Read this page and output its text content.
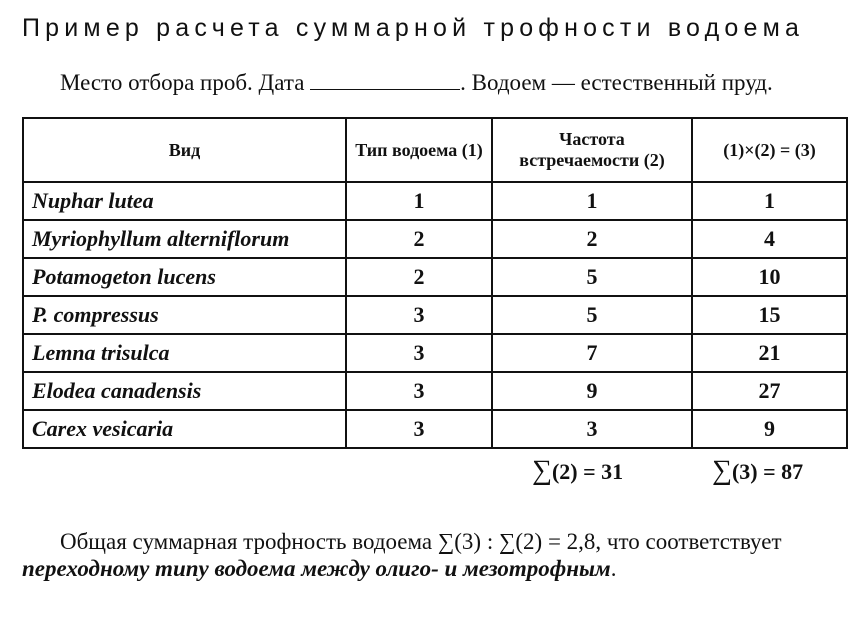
Пример расчета суммарной трофности водоема
Место отбора проб. Дата	. Водоем — естественный пруд.
Вид	Тип водоема (1)	Частота встречаемости (2)	(1)×(2) = (3)
Nuphar lutea	1	1	1
Myriophyllum alterniflorum	2	2	4
Potamogeton lucens	2	5	10
P. compressus	3	5	15
Lemna trisulca	3	7	21
Elodea canadensis	3	9	27
Carex vesicaria	3	3	9
∑(2) = 31	∑(3) = 87
Общая суммарная трофность водоема ∑(3) : ∑(2) = 2,8, что соответствует переходному типу водоема между олиго- и мезотрофным.
